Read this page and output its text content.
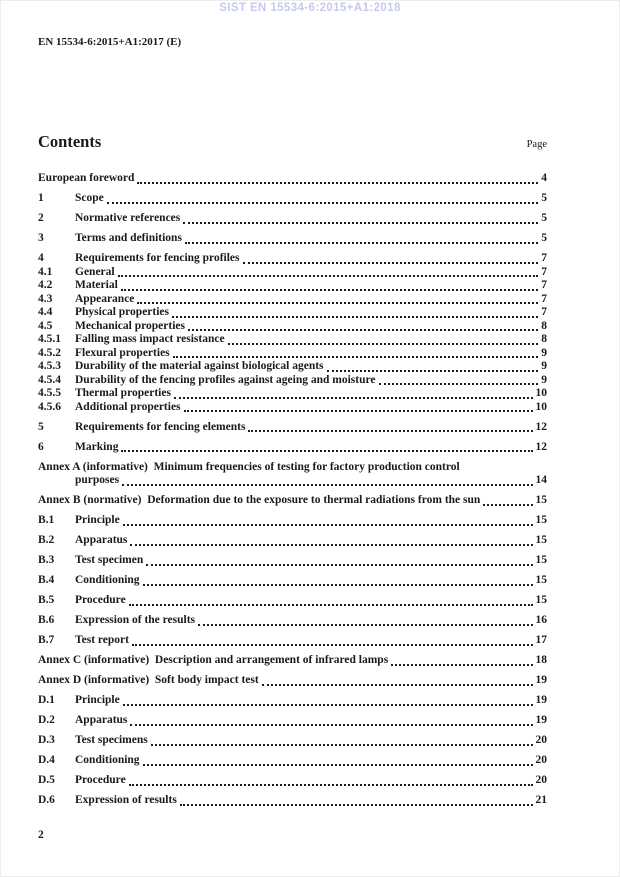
SIST EN 15534-6:2015+A1:2018
EN 15534-6:2015+A1:2017 (E)
Contents	Page
European foreword	4
1	Scope	5
2	Normative references	5
3	Terms and definitions	5
4	Requirements for fencing profiles	7
4.1	General	7
4.2	Material	7
4.3	Appearance	7
4.4	Physical properties	7
4.5	Mechanical properties	8
4.5.1	Falling mass impact resistance	8
4.5.2	Flexural properties	9
4.5.3	Durability of the material against biological agents	9
4.5.4	Durability of the fencing profiles against ageing and moisture	9
4.5.5	Thermal properties	10
4.5.6	Additional properties	10
5	Requirements for fencing elements	12
6	Marking	12
Annex A (informative)  Minimum frequencies of testing for factory production control
purposes	14
Annex B (normative)  Deformation due to the exposure to thermal radiations from the sun	15
B.1	Principle	15
B.2	Apparatus	15
B.3	Test specimen	15
B.4	Conditioning	15
B.5	Procedure	15
B.6	Expression of the results	16
B.7	Test report	17
Annex C (informative)  Description and arrangement of infrared lamps	18
Annex D (informative)  Soft body impact test	19
D.1	Principle	19
D.2	Apparatus	19
D.3	Test specimens	20
D.4	Conditioning	20
D.5	Procedure	20
D.6	Expression of results	21
2
